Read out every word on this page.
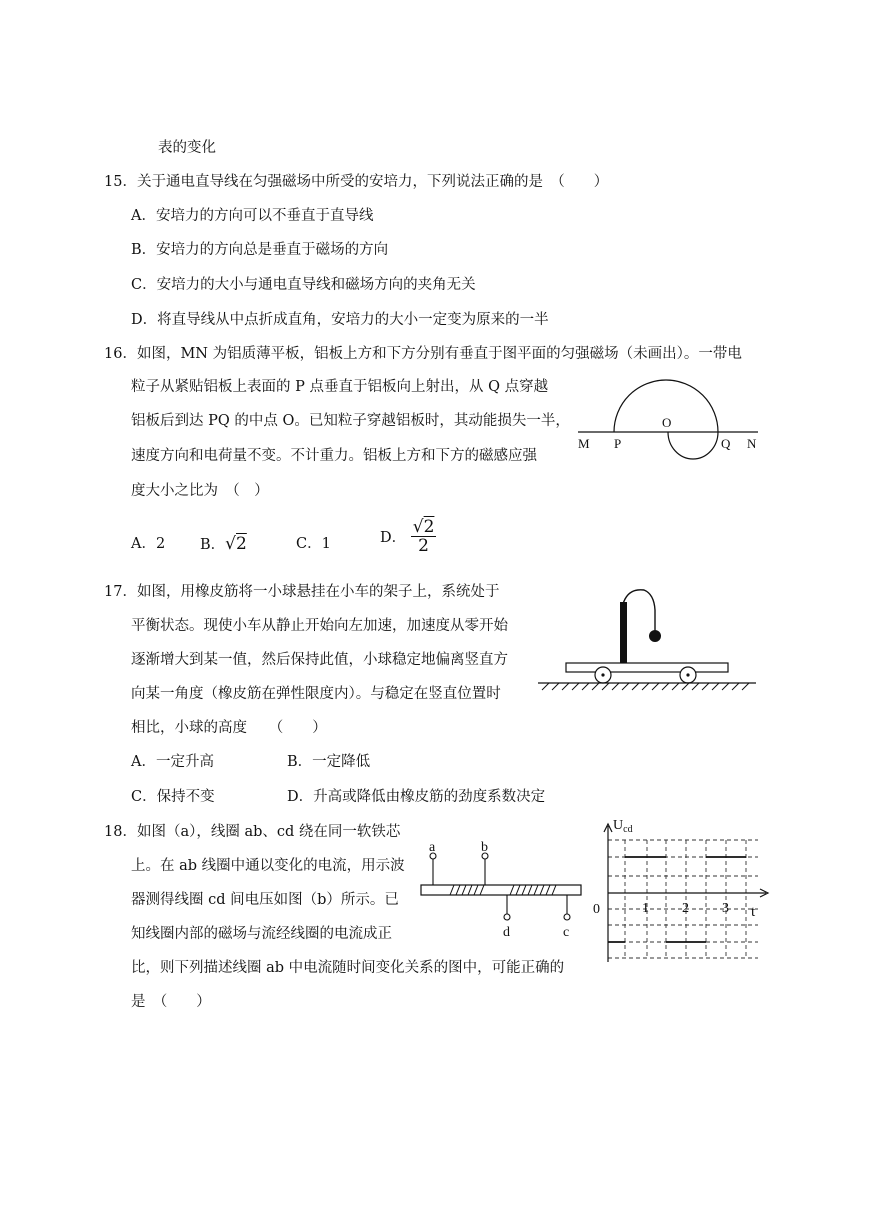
表的变化
15．关于通电直导线在匀强磁场中所受的安培力，下列说法正确的是　（　　）
A．安培力的方向可以不垂直于直导线
B．安培力的方向总是垂直于磁场的方向
C．安培力的大小与通电直导线和磁场方向的夹角无关
D．将直导线从中点折成直角，安培力的大小一定变为原来的一半
16．如图，MN 为铝质薄平板，铝板上方和下方分别有垂直于图平面的匀强磁场（未画出）。一带电
粒子从紧贴铝板上表面的 P 点垂直于铝板向上射出，从 Q 点穿越
铝板后到达 PQ 的中点 O。已知粒子穿越铝板时，其动能损失一半，
速度方向和电荷量不变。不计重力。铝板上方和下方的磁感应强
度大小之比为　（　）
A．2 B．√2	C．1	D． $\frac{√2}{2}$
M P
O
Q N
17．如图，用橡皮筋将一小球悬挂在小车的架子上，系统处于
平衡状态。现使小车从静止开始向左加速，加速度从零开始
逐渐增大到某一值，然后保持此值，小球稳定地偏离竖直方
向某一角度（橡皮筋在弹性限度内）。与稳定在竖直位置时
相比，小球的高度　　（　　）
A．一定升高	B．一定降低
C．保持不变	D．升高或降低由橡皮筋的劲度系数决定
18．如图（a），线圈 ab、cd 绕在同一软铁芯
上。在 ab 线圈中通以变化的电流，用示波
器测得线圈 cd 间电压如图（b）所示。已
知线圈内部的磁场与流经线圈的电流成正
比，则下列描述线圈 ab 中电流随时间变化关系的图中，可能正确的
是　（　　）
a	b
d	c
$U_{cd}$
t
0	1 2 3
